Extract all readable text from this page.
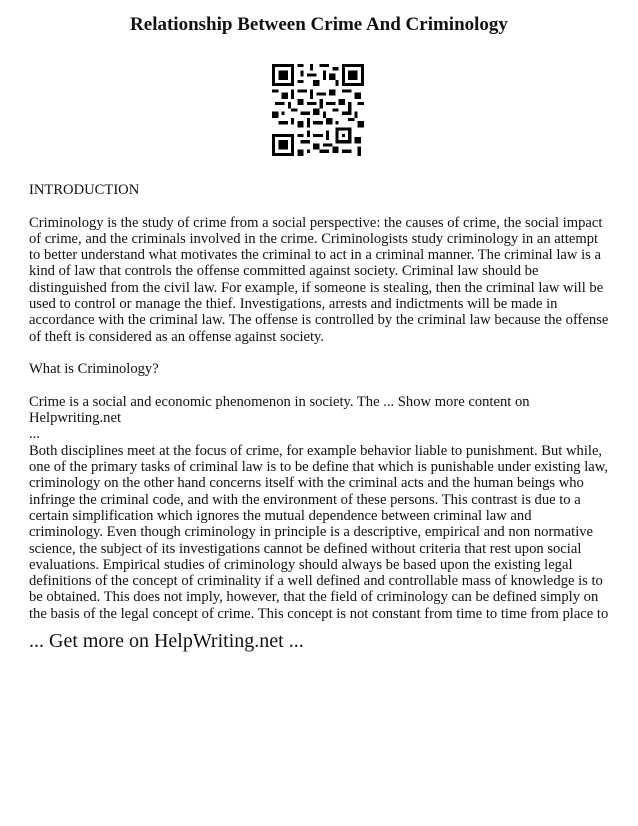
Relationship Between Crime And Criminology

INTRODUCTION

Criminology is the study of crime from a social perspective: the causes of crime, the social impact of crime, and the criminals involved in the crime. Criminologists study criminology in an attempt to better understand what motivates the criminal to act in a criminal manner. The criminal law is a kind of law that controls the offense committed against society. Criminal law should be distinguished from the civil law. For example, if someone is stealing, then the criminal law will be used to control or manage the thief. Investigations, arrests and indictments will be made in accordance with the criminal law. The offense is controlled by the criminal law because the offense of theft is considered as an offense against society.

What is Criminology?

Crime is a social and economic phenomenon in society. The ... Show more content on Helpwriting.net

...

Both disciplines meet at the focus of crime, for example behavior liable to punishment. But while, one of the primary tasks of criminal law is to be define that which is punishable under existing law, criminology on the other hand concerns itself with the criminal acts and the human beings who infringe the criminal code, and with the environment of these persons. This contrast is due to a certain simplification which ignores the mutual dependence between criminal law and criminology. Even though criminology in principle is a descriptive, empirical and non normative science, the subject of its investigations cannot be defined without criteria that rest upon social evaluations. Empirical studies of criminology should always be based upon the existing legal definitions of the concept of criminality if a well defined and controllable mass of knowledge is to be obtained. This does not imply, however, that the field of criminology can be defined simply on the basis of the legal concept of crime. This concept is not constant from time to time from place to

... Get more on HelpWriting.net ...
